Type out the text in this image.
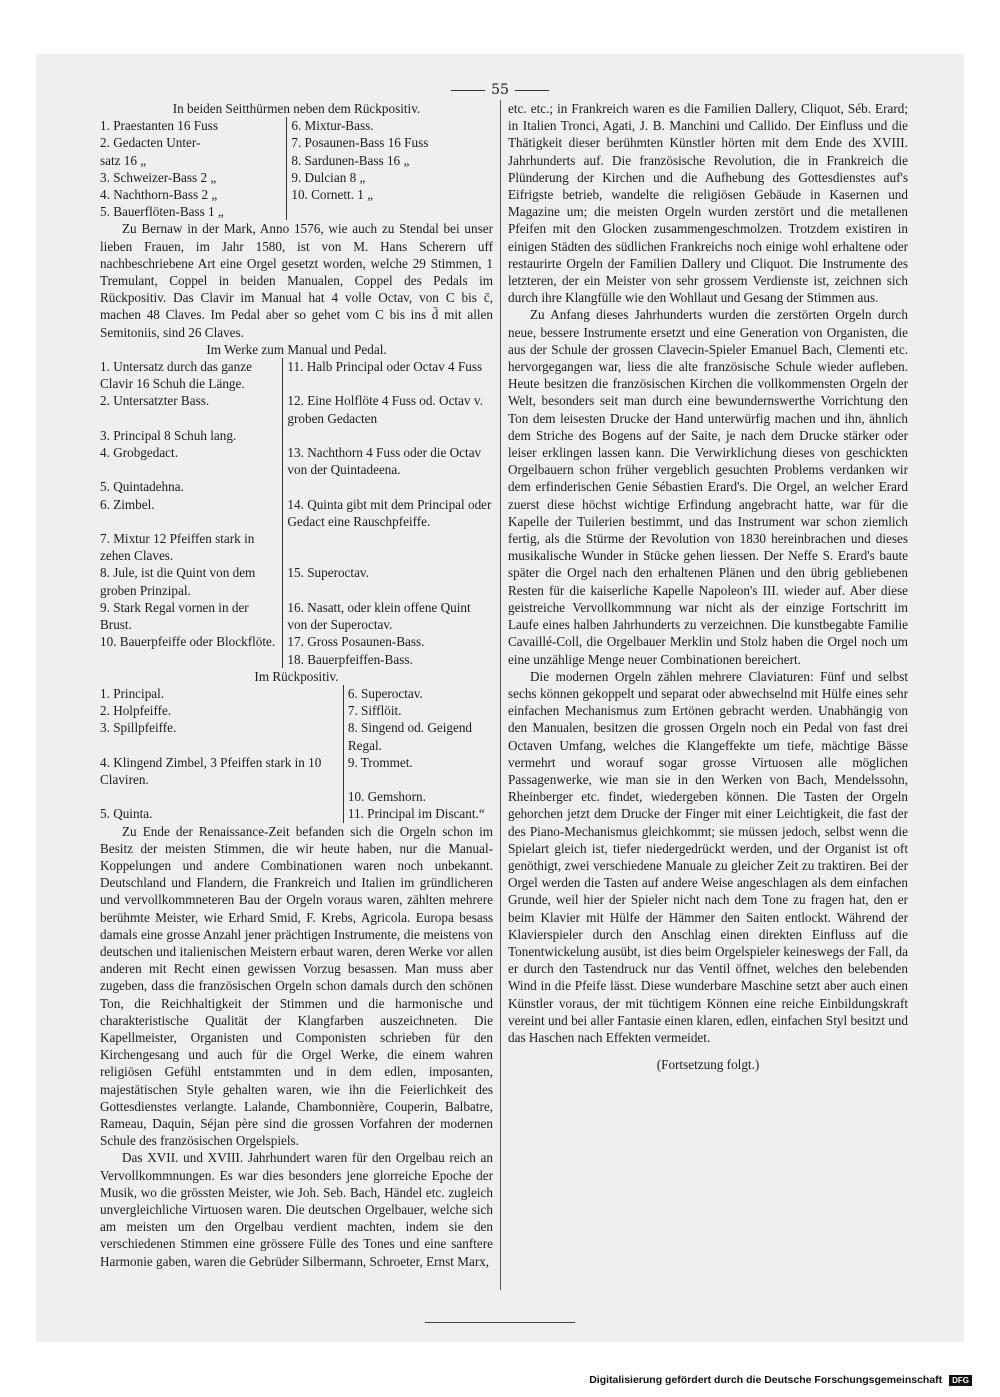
55
In beiden Seitthürmen neben dem Rückpositiv.
1. Praestanten 16 Fuss	6. Mixtur-Bass.
2. Gedacten Unter-	7. Posaunen-Bass 16 Fuss
satz 16 „	8. Sardunen-Bass 16 „
3. Schweizer-Bass 2 „	9. Dulcian 8 „
4. Nachthorn-Bass 2 „	10. Cornett. 1 „
5. Bauerflöten-Bass 1 „	

Zu Bernaw in der Mark, Anno 1576, wie auch zu Stendal bei unser lieben Frauen, im Jahr 1580, ist von M. Hans Scherern uff nachbeschriebene Art eine Orgel gesetzt worden, welche 29 Stimmen, 1 Tremulant, Coppel in beiden Manualen, Coppel des Pedals im Rückpositiv. Das Clavir im Manual hat 4 volle Octav, von C bis c̄, machen 48 Claves. Im Pedal aber so gehet vom C bis ins d̄ mit allen Semitoniis, sind 26 Claves.

Im Werke zum Manual und Pedal.
1. Untersatz durch das ganze Clavir 16 Schuh die Länge.	11. Halb Principal oder Octav 4 Fuss
2. Untersatzter Bass.	12. Eine Holflöte 4 Fuss od. Octav v. groben Gedacten
3. Principal 8 Schuh lang.	
4. Grobgedact.	13. Nachthorn 4 Fuss oder die Octav von der Quintadeena.
5. Quintadehna.	
6. Zimbel.	14. Quinta gibt mit dem Principal oder Gedact eine Rauschpfeiffe.
7. Mixtur 12 Pfeiffen stark in zehen Claves.	
8. Jule, ist die Quint von dem groben Prinzipal.	15. Superoctav.
9. Stark Regal vornen in der Brust.	16. Nasatt, oder klein offene Quint von der Superoctav.
10. Bauerpfeiffe oder Blockflöte.	17. Gross Posaunen-Bass.
	18. Bauerpfeiffen-Bass.
Im Rückpositiv.
1. Principal.	6. Superoctav.
2. Holpfeiffe.	7. Sifflöit.
3. Spillpfeiffe.	8. Singend od. Geigend Regal.
4. Klingend Zimbel, 3 Pfeiffen stark in 10 Claviren.	9. Trommet.
	10. Gemshorn.
5. Quinta.	11. Principal im Discant.“

Zu Ende der Renaissance-Zeit befanden sich die Orgeln schon im Besitz der meisten Stimmen, die wir heute haben, nur die Manual-Koppelungen und andere Combinationen waren noch unbekannt. Deutschland und Flandern, die Frankreich und Italien im gründlicheren und vervollkommneteren Bau der Orgeln voraus waren, zählten mehrere berühmte Meister, wie Erhard Smid, F. Krebs, Agricola. Europa besass damals eine grosse Anzahl jener prächtigen Instrumente, die meistens von deutschen und italienischen Meistern erbaut waren, deren Werke vor allen anderen mit Recht einen gewissen Vorzug besassen. Man muss aber zugeben, dass die französischen Orgeln schon damals durch den schönen Ton, die Reichhaltigkeit der Stimmen und die harmonische und charakteristische Qualität der Klangfarben auszeichneten. Die Kapellmeister, Organisten und Componisten schrieben für den Kirchengesang und auch für die Orgel Werke, die einem wahren religiösen Gefühl entstammten und in dem edlen, imposanten, majestätischen Style gehalten waren, wie ihn die Feierlichkeit des Gottesdienstes verlangte. Lalande, Chambonnière, Couperin, Balbatre, Rameau, Daquin, Séjan père sind die grossen Vorfahren der modernen Schule des französischen Orgelspiels.

Das XVII. und XVIII. Jahrhundert waren für den Orgelbau reich an Vervollkommnungen. Es war dies besonders jene glorreiche Epoche der Musik, wo die grössten Meister, wie Joh. Seb. Bach, Händel etc. zugleich unvergleichliche Virtuosen waren. Die deutschen Orgelbauer, welche sich am meisten um den Orgelbau verdient machten, indem sie den verschiedenen Stimmen eine grössere Fülle des Tones und eine sanftere Harmonie gaben, waren die Gebrüder Silbermann, Schroeter, Ernst Marx,

etc. etc.; in Frankreich waren es die Familien Dallery, Cliquot, Séb. Erard; in Italien Tronci, Agati, J. B. Manchini und Callido. Der Einfluss und die Thätigkeit dieser berühmten Künstler hörten mit dem Ende des XVIII. Jahrhunderts auf. Die französische Revolution, die in Frankreich die Plünderung der Kirchen und die Aufhebung des Gottesdienstes auf's Eifrigste betrieb, wandelte die religiösen Gebäude in Kasernen und Magazine um; die meisten Orgeln wurden zerstört und die metallenen Pfeifen mit den Glocken zusammengeschmolzen. Trotzdem existiren in einigen Städten des südlichen Frankreichs noch einige wohl erhaltene oder restaurirte Orgeln der Familien Dallery und Cliquot. Die Instrumente des letzteren, der ein Meister von sehr grossem Verdienste ist, zeichnen sich durch ihre Klangfülle wie den Wohllaut und Gesang der Stimmen aus.

Zu Anfang dieses Jahrhunderts wurden die zerstörten Orgeln durch neue, bessere Instrumente ersetzt und eine Generation von Organisten, die aus der Schule der grossen Clavecin-Spieler Emanuel Bach, Clementi etc. hervorgegangen war, liess die alte französische Schule wieder aufleben. Heute besitzen die französischen Kirchen die vollkommensten Orgeln der Welt, besonders seit man durch eine bewundernswerthe Vorrichtung den Ton dem leisesten Drucke der Hand unterwürfig machen und ihn, ähnlich dem Striche des Bogens auf der Saite, je nach dem Drucke stärker oder leiser erklingen lassen kann. Die Verwirklichung dieses von geschickten Orgelbauern schon früher vergeblich gesuchten Problems verdanken wir dem erfinderischen Genie Sébastien Erard's. Die Orgel, an welcher Erard zuerst diese höchst wichtige Erfindung angebracht hatte, war für die Kapelle der Tuilerien bestimmt, und das Instrument war schon ziemlich fertig, als die Stürme der Revolution von 1830 hereinbrachen und dieses musikalische Wunder in Stücke gehen liessen. Der Neffe S. Erard's baute später die Orgel nach den erhaltenen Plänen und den übrig gebliebenen Resten für die kaiserliche Kapelle Napoleon's III. wieder auf. Aber diese geistreiche Vervollkommnung war nicht als der einzige Fortschritt im Laufe eines halben Jahrhunderts zu verzeichnen. Die kunstbegabte Familie Cavaillé-Coll, die Orgelbauer Merklin und Stolz haben die Orgel noch um eine unzählige Menge neuer Combinationen bereichert.

Die modernen Orgeln zählen mehrere Claviaturen: Fünf und selbst sechs können gekoppelt und separat oder abwechselnd mit Hülfe eines sehr einfachen Mechanismus zum Ertönen gebracht werden. Unabhängig von den Manualen, besitzen die grossen Orgeln noch ein Pedal von fast drei Octaven Umfang, welches die Klangeffekte um tiefe, mächtige Bässe vermehrt und worauf sogar grosse Virtuosen alle möglichen Passagenwerke, wie man sie in den Werken von Bach, Mendelssohn, Rheinberger etc. findet, wiedergeben können. Die Tasten der Orgeln gehorchen jetzt dem Drucke der Finger mit einer Leichtigkeit, die fast der des Piano-Mechanismus gleichkommt; sie müssen jedoch, selbst wenn die Spielart gleich ist, tiefer niedergedrückt werden, und der Organist ist oft genöthigt, zwei verschiedene Manuale zu gleicher Zeit zu traktiren. Bei der Orgel werden die Tasten auf andere Weise angeschlagen als dem einfachen Grunde, weil hier der Spieler nicht nach dem Tone zu fragen hat, den er beim Klavier mit Hülfe der Hämmer den Saiten entlockt. Während der Klavierspieler durch den Anschlag einen direkten Einfluss auf die Tonentwickelung ausübt, ist dies beim Orgelspieler keineswegs der Fall, da er durch den Tastendruck nur das Ventil öffnet, welches den belebenden Wind in die Pfeife lässt. Diese wunderbare Maschine setzt aber auch einen Künstler voraus, der mit tüchtigem Können eine reiche Einbildungskraft vereint und bei aller Fantasie einen klaren, edlen, einfachen Styl besitzt und das Haschen nach Effekten vermeidet.

(Fortsetzung folgt.)
Digitalisierung gefördert durch die Deutsche Forschungsgemeinschaft DFG
